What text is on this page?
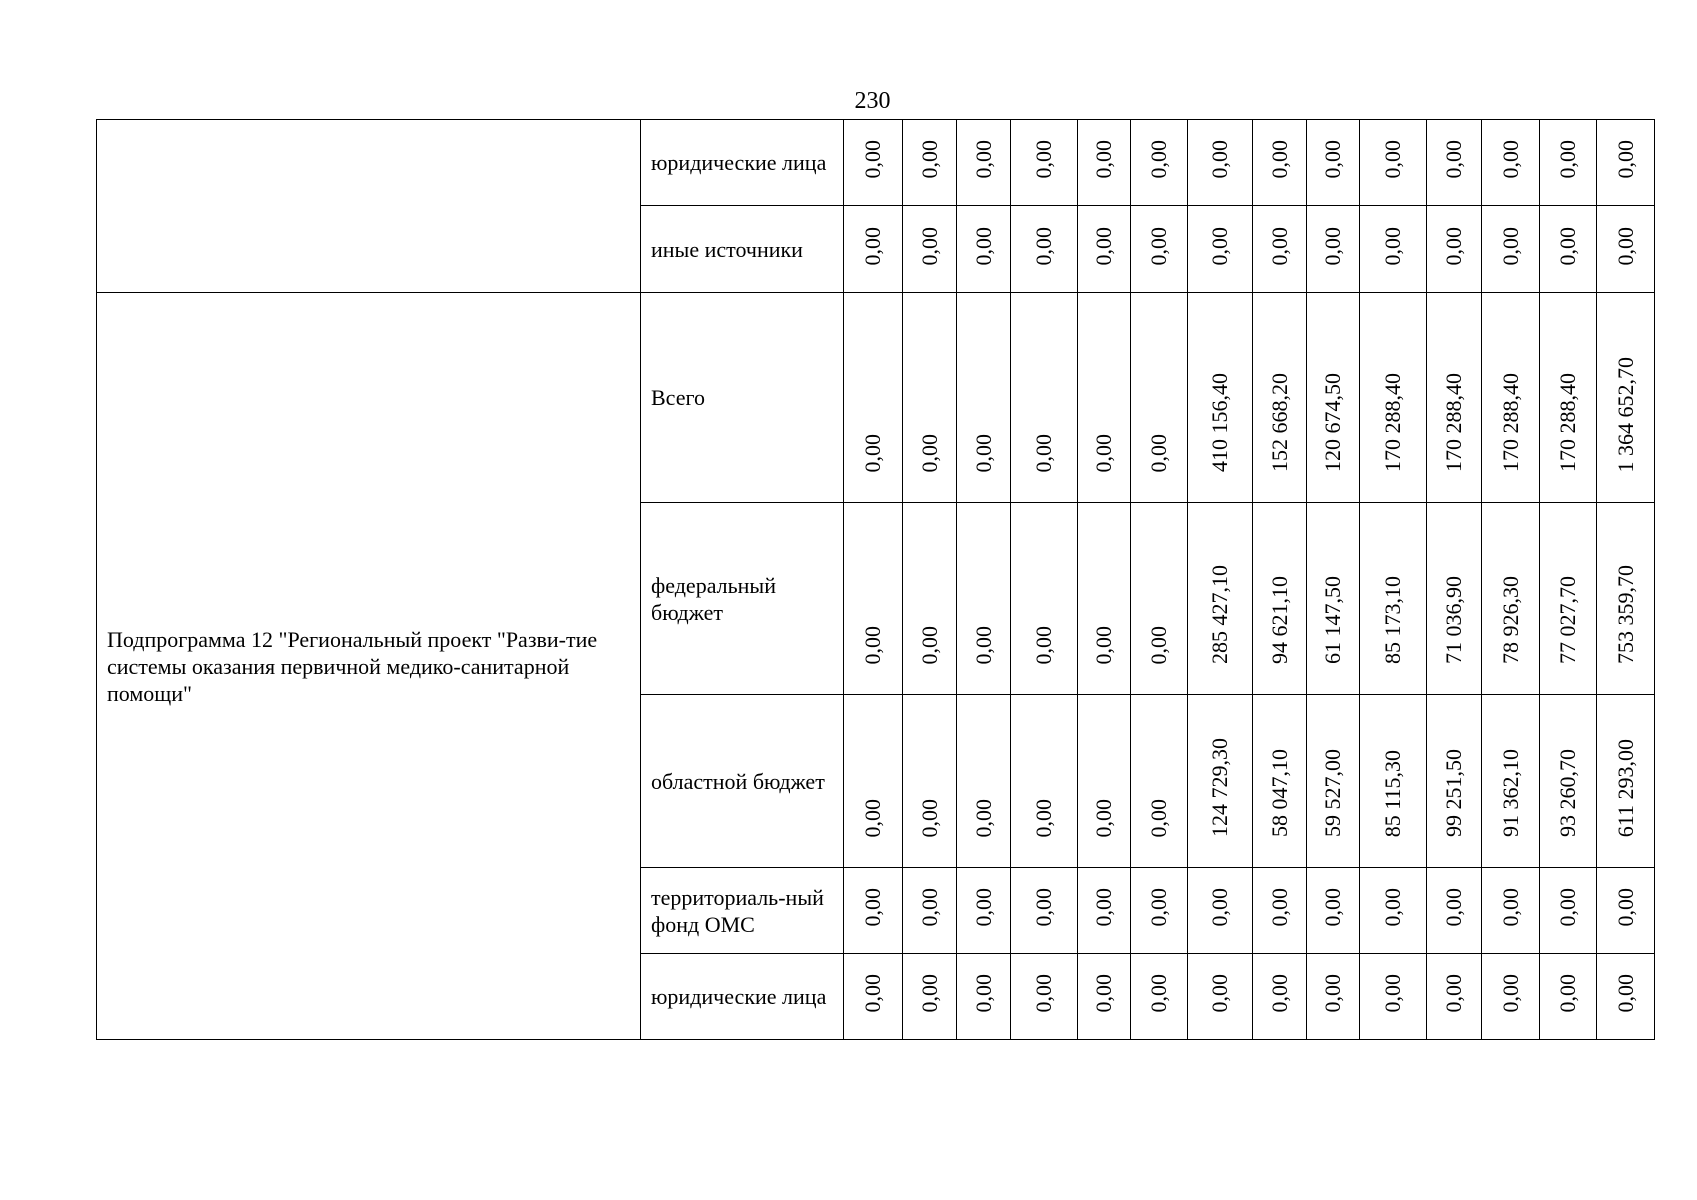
230
	юридические лица	0,00	0,00	0,00	0,00	0,00	0,00	0,00	0,00	0,00	0,00	0,00	0,00	0,00	0,00
	иные источники	0,00	0,00	0,00	0,00	0,00	0,00	0,00	0,00	0,00	0,00	0,00	0,00	0,00	0,00
Подпрограмма 12 "Региональный проект "Разви-тие системы оказания первичной медико-санитарной помощи"	Всего	0,00	0,00	0,00	0,00	0,00	0,00	410 156,40	152 668,20	120 674,50	170 288,40	170 288,40	170 288,40	170 288,40	1 364 652,70

	федеральный бюджет	0,00	0,00	0,00	0,00	0,00	0,00	285 427,10	94 621,10	61 147,50	85 173,10	71 036,90	78 926,30	77 027,70	753 359,70

	областной бюджет	0,00	0,00	0,00	0,00	0,00	0,00	124 729,30	58 047,10	59 527,00	85 115,30	99 251,50	91 362,10	93 260,70	611 293,00

	территориаль-ный фонд ОМС	0,00	0,00	0,00	0,00	0,00	0,00	0,00	0,00	0,00	0,00	0,00	0,00	0,00	0,00
	юридические лица	0,00	0,00	0,00	0,00	0,00	0,00	0,00	0,00	0,00	0,00	0,00	0,00	0,00	0,00
